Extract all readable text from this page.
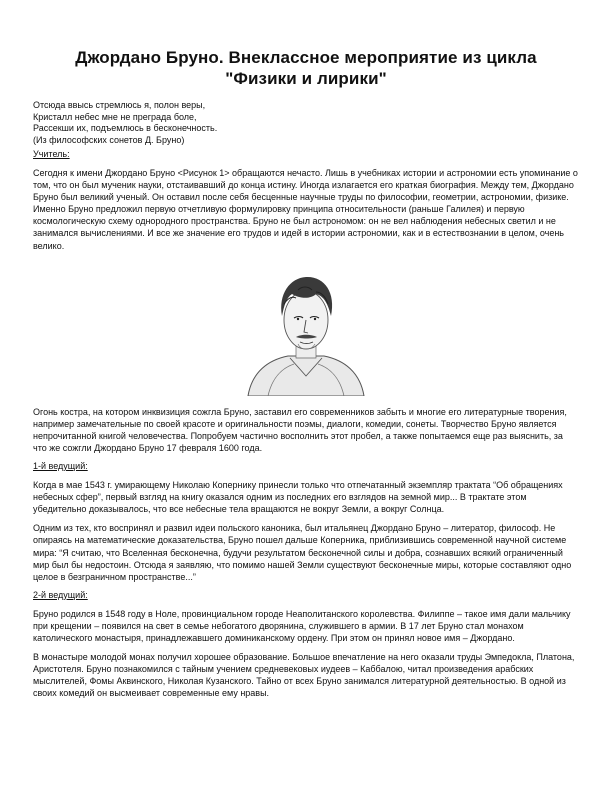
Джордано Бруно. Внеклассное мероприятие из цикла
"Физики и лирики"
Отсюда ввысь стремлюсь я, полон веры,
Кристалл небес мне не преграда боле,
Рассекши их, подъемлюсь в бесконечность.
(Из философских сонетов Д. Бруно)
Учитель:

Сегодня к имени Джордано Бруно <Рисунок 1> обращаются нечасто. Лишь в учебниках истории и астрономии есть упоминание о том, что он был мученик науки, отстаивавший до конца истину. Иногда излагается его краткая биография. Между тем, Джордано Бруно был великий ученый. Он оставил после себя бесценные научные труды по философии, геометрии, астрономии, физике. Именно Бруно предложил первую отчетливую формулировку принципа относительности (раньше Галилея) и первую космологическую схему однородного пространства. Бруно не был астрономом: он не вел наблюдения небесных светил и не занимался вычислениями. И все же значение его трудов и идей в истории астрономии, как и в естествознании в целом, очень велико.

Огонь костра, на котором инквизиция сожгла Бруно, заставил его современников забыть и многие его литературные творения, например замечательные по своей красоте и оригинальности поэмы, диалоги, комедии, сонеты. Творчество Бруно является непрочитанной книгой человечества. Попробуем частично восполнить этот пробел, а также попытаемся еще раз выяснить, за что же сожгли Джордано Бруно 17 февраля 1600 года.

1-й ведущий:

Когда в мае 1543 г. умирающему Николаю Копернику принесли только что отпечатанный экземпляр трактата “Об обращениях небесных сфер”, первый взгляд на книгу оказался одним из последних его взглядов на земной мир... В трактате этом убедительно доказывалось, что все небесные тела вращаются не вокруг Земли, а вокруг Солнца.

Одним из тех, кто воспринял и развил идеи польского каноника, был итальянец Джордано Бруно – литератор, философ. Не опираясь на математические доказательства, Бруно пошел дальше Коперника, приблизившись современной научной системе мира: “Я считаю, что Вселенная бесконечна, будучи результатом бесконечной силы и добра, сознавших всякий ограниченный мир был бы недостоин. Отсюда я заявляю, что помимо нашей Земли существуют бесконечные миры, которые составляют одно целое в безграничном пространстве...”

2-й ведущий:

Бруно родился в 1548 году в Ноле, провинциальном городе Неаполитанского королевства. Филиппе – такое имя дали мальчику при крещении – появился на свет в семье небогатого дворянина, служившего в армии. В 17 лет Бруно стал монахом католического монастыря, принадлежавшего доминиканскому ордену. При этом он принял новое имя – Джордано.

В монастыре молодой монах получил хорошее образование. Большое впечатление на него оказали труды Эмпедокла, Платона, Аристотеля. Бруно познакомился с тайным учением средневековых иудеев – Каббалою, читал произведения арабских мыслителей, Фомы Аквинского, Николая Кузанского. Тайно от всех Бруно занимался литературной деятельностью. В одной из своих комедий он высмеивает современные ему нравы.
